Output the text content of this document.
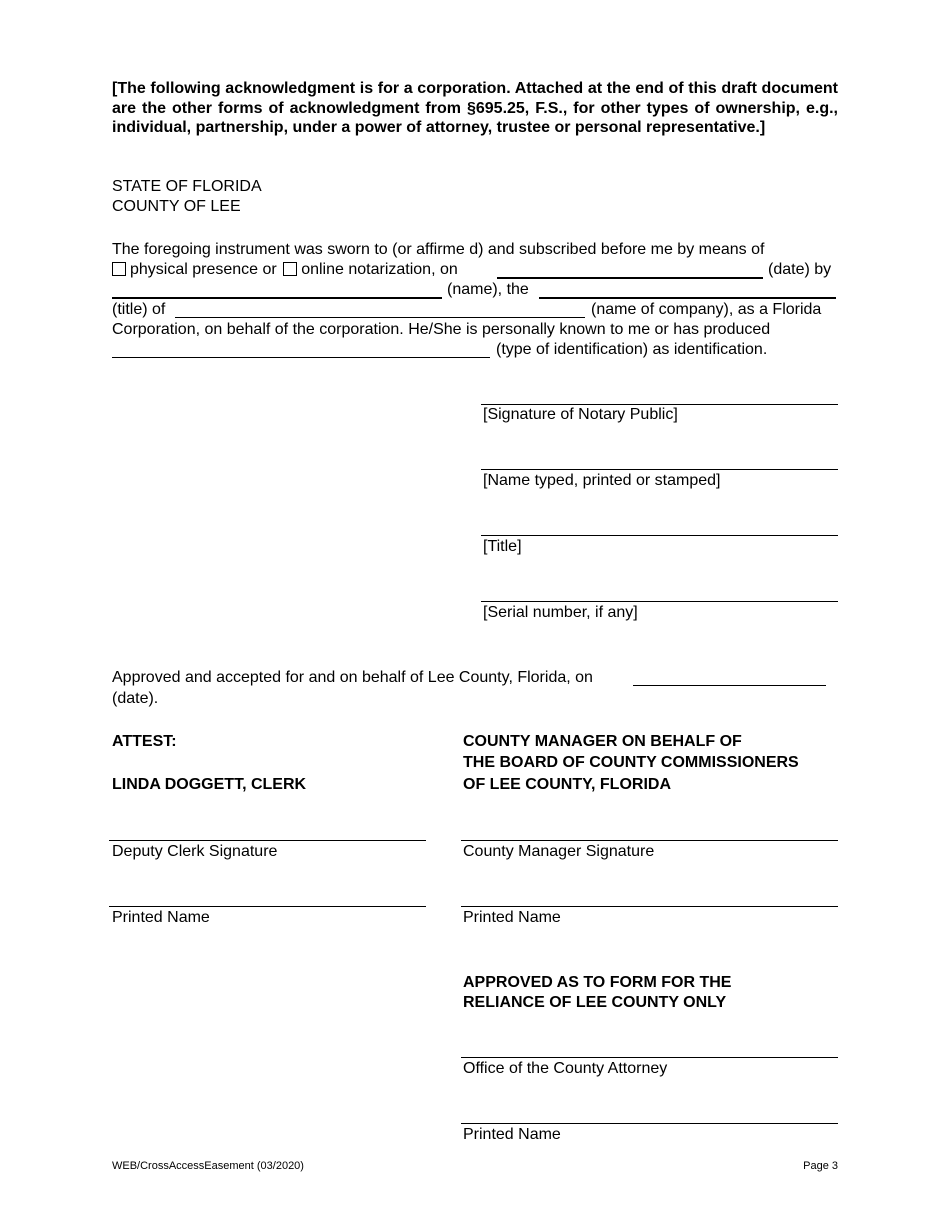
[The following acknowledgment is for a corporation. Attached at the end of this draft document are the other forms of acknowledgment from §695.25, F.S., for other types of ownership, e.g., individual, partnership, under a power of attorney, trustee or personal representative.]
STATE OF FLORIDA
COUNTY OF LEE
The foregoing instrument was sworn to (or affirme d) and subscribed before me by means of
physical presence or online notarization, on	(date) by
(name), the
(title) of	(name of company), as a Florida
Corporation, on behalf of the corporation. He/She is personally known to me or has produced
(type of identification) as identification.
[Signature of Notary Public]
[Name typed, printed or stamped]
[Title]
[Serial number, if any]
Approved and accepted for and on behalf of Lee County, Florida, on
(date).
ATTEST:
LINDA DOGGETT, CLERK
COUNTY MANAGER ON BEHALF OF
THE BOARD OF COUNTY COMMISSIONERS
OF LEE COUNTY, FLORIDA
Deputy Clerk Signature	County Manager Signature
Printed Name	Printed Name
APPROVED AS TO FORM FOR THE
RELIANCE OF LEE COUNTY ONLY
Office of the County Attorney
Printed Name
WEB/CrossAccessEasement (03/2020)	Page 3
